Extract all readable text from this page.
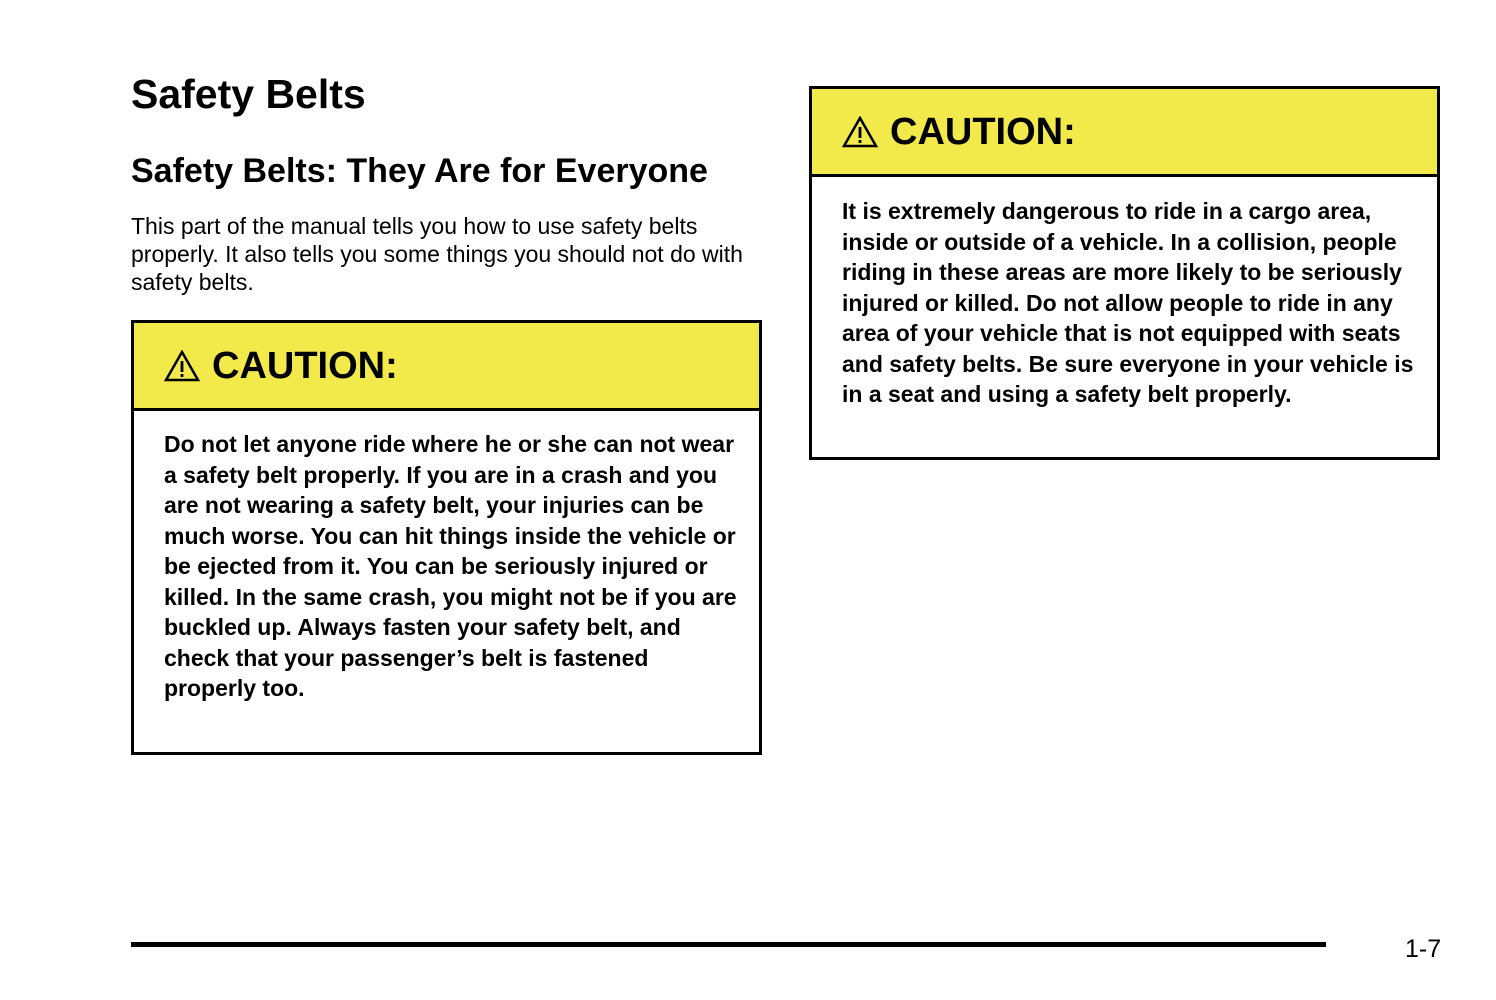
Safety Belts
Safety Belts: They Are for Everyone

This part of the manual tells you how to use safety belts properly. It also tells you some things you should not do with safety belts.

CAUTION:
Do not let anyone ride where he or she can not wear a safety belt properly. If you are in a crash and you are not wearing a safety belt, your injuries can be much worse. You can hit things inside the vehicle or be ejected from it. You can be seriously injured or killed. In the same crash, you might not be if you are buckled up. Always fasten your safety belt, and check that your passenger’s belt is fastened properly too.
CAUTION:
It is extremely dangerous to ride in a cargo area, inside or outside of a vehicle. In a collision, people riding in these areas are more likely to be seriously injured or killed. Do not allow people to ride in any area of your vehicle that is not equipped with seats and safety belts. Be sure everyone in your vehicle is in a seat and using a safety belt properly.
1-7
